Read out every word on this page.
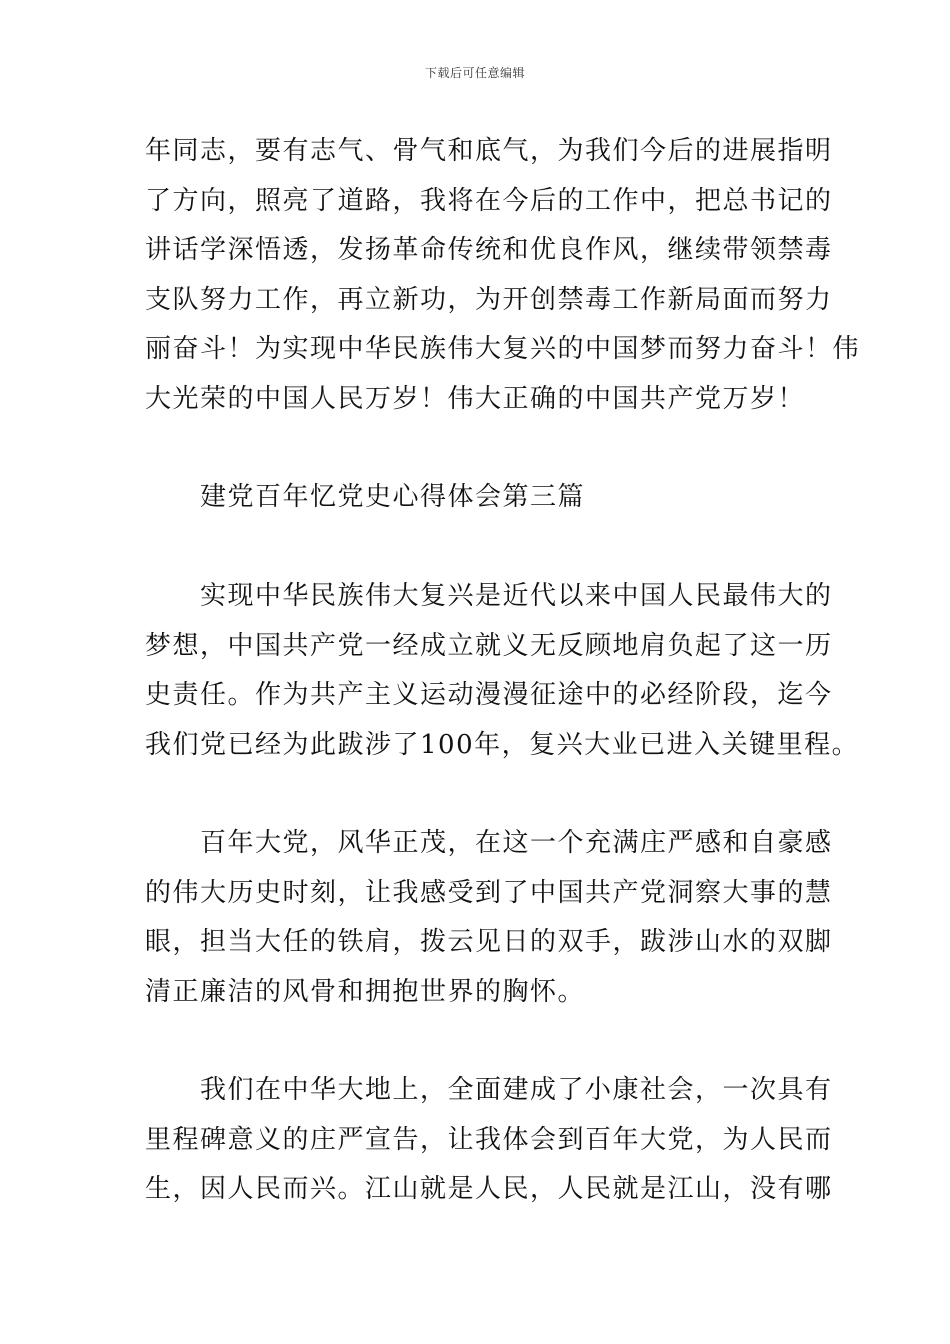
下载后可任意编辑
年同志，要有志气、骨气和底气，为我们今后的进展指明
了方向，照亮了道路，我将在今后的工作中，把总书记的
讲话学深悟透，发扬革命传统和优良作风，继续带领禁毒
支队努力工作，再立新功，为开创禁毒工作新局面而努力
丽奋斗！为实现中华民族伟大复兴的中国梦而努力奋斗！伟
大光荣的中国人民万岁！伟大正确的中国共产党万岁！
　　建党百年忆党史心得体会第三篇
　　实现中华民族伟大复兴是近代以来中国人民最伟大的
梦想，中国共产党一经成立就义无反顾地肩负起了这一历
史责任。作为共产主义运动漫漫征途中的必经阶段，迄今
我们党已经为此跋涉了100年，复兴大业已进入关键里程。
　　百年大党，风华正茂，在这一个充满庄严感和自豪感
的伟大历史时刻，让我感受到了中国共产党洞察大事的慧
眼，担当大任的铁肩，拨云见日的双手，跋涉山水的双脚
清正廉洁的风骨和拥抱世界的胸怀。
　　我们在中华大地上，全面建成了小康社会，一次具有
里程碑意义的庄严宣告，让我体会到百年大党，为人民而
生，因人民而兴。江山就是人民，人民就是江山，没有哪
